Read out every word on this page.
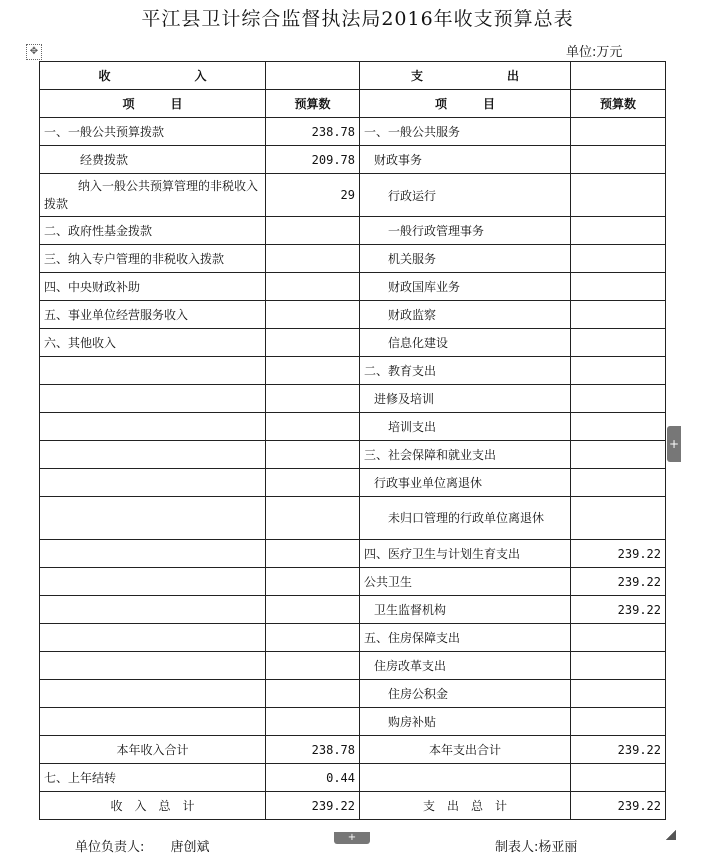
平江县卫计综合监督执法局2016年收支预算总表
✥	单位:万元
收　　　　　　　入		支　　　　　　　出	
项　　　目	预算数	项　　　目	预算数
一、一般公共预算拨款	238.78	一、一般公共服务	
经费拨款	209.78	财政事务	
纳入一般公共预算管理的非税收入拨款	29	行政运行	
二、政府性基金拨款		一般行政管理事务	
三、纳入专户管理的非税收入拨款		机关服务	
四、中央财政补助		财政国库业务	
五、事业单位经营服务收入		财政监察	
六、其他收入		信息化建设	
		二、教育支出	
		进修及培训	
		培训支出	
		三、社会保障和就业支出	
		行政事业单位离退休	
		未归口管理的行政单位离退休	
		四、医疗卫生与计划生育支出	239.22
		公共卫生	239.22
		卫生监督机构	239.22
		五、住房保障支出	
		住房改革支出	
		住房公积金	
		购房补贴	
本年收入合计	238.78	本年支出合计	239.22
七、上年结转	0.44		
收　入　总　计	239.22	支　出　总　计	239.22
+
+
单位负责人: 唐创斌	制表人:杨亚丽
